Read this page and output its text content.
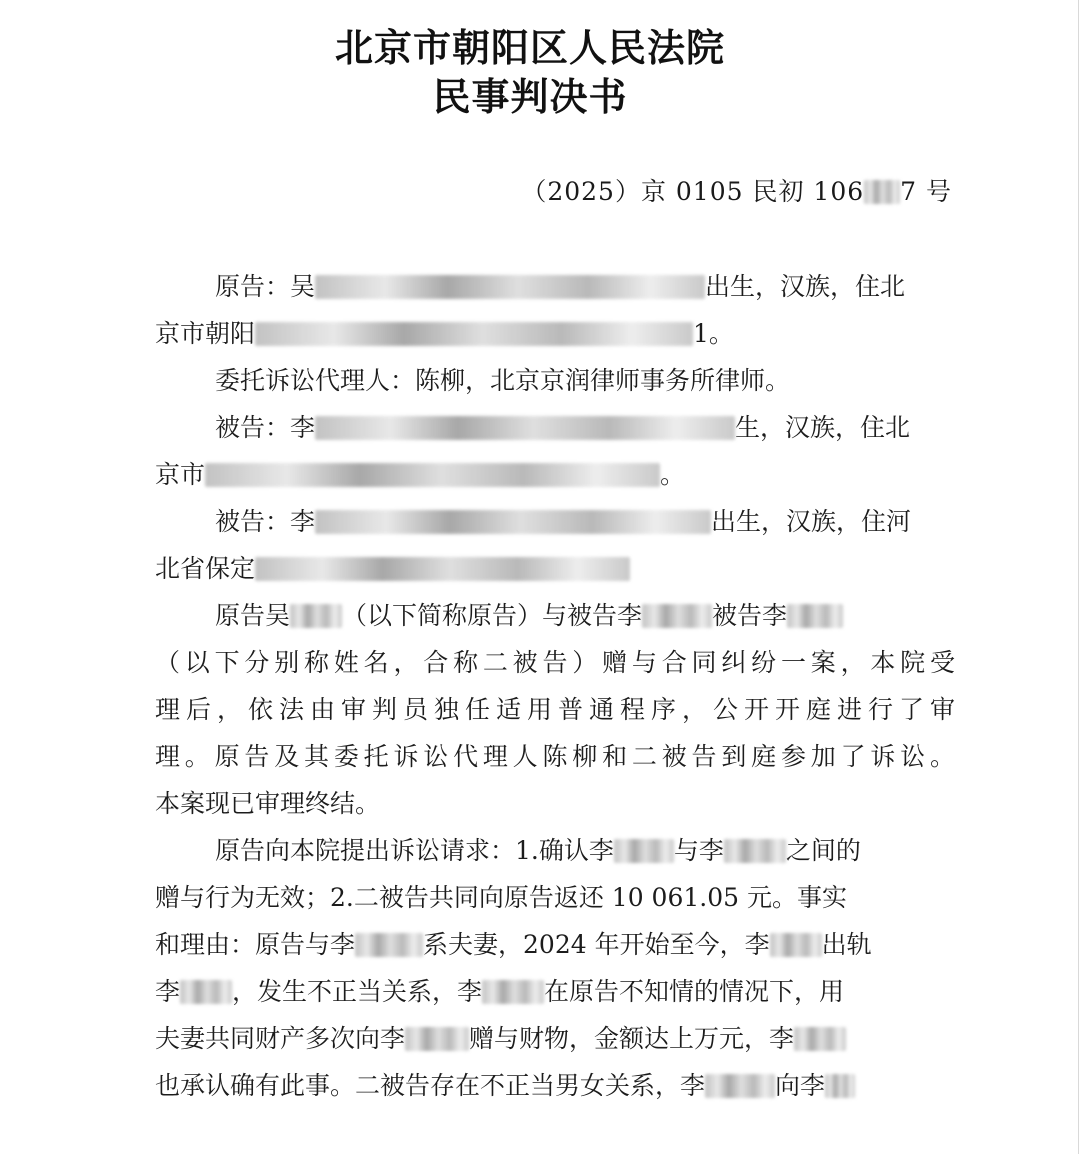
北京市朝阳区人民法院
民事判决书
（2025）京 0105 民初 106 7 号
原告：吴	出生，汉族，住北
京市朝阳	1。
委托诉讼代理人：陈柳，北京京润律师事务所律师。
被告：李	生，汉族，住北
京市	。
被告：李	出生，汉族，住河
北省保定
原告吴 （以下简称原告）与被告李	被告李
（以下分别称姓名，合称二被告）赠与合同纠纷一案，本院受
理后，依法由审判员独任适用普通程序，公开开庭进行了审
理。原告及其委托诉讼代理人陈柳和二被告到庭参加了诉讼。
本案现已审理终结。
原告向本院提出诉讼请求：1.确认李 与李 之间的
赠与行为无效；2.二被告共同向原告返还 10 061.05 元。事实
和理由：原告与李	系夫妻，2024 年开始至今，李 出轨
李 ，发生不正当关系，李 在原告不知情的情况下，用
夫妻共同财产多次向李	赠与财物，金额达上万元，李
也承认确有此事。二被告存在不正当男女关系，李	向李
